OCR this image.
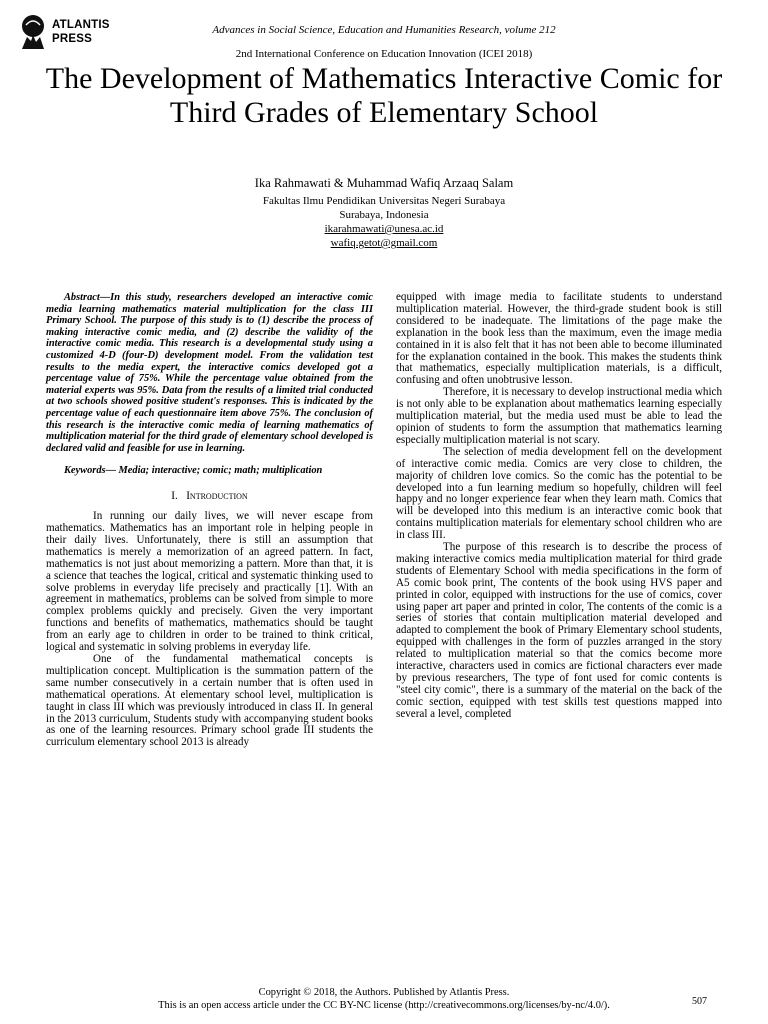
ATLANTIS
PRESS
Advances in Social Science, Education and Humanities Research, volume 212
2nd International Conference on Education Innovation (ICEI 2018)
The Development of Mathematics Interactive Comic for Third Grades of Elementary School
Ika Rahmawati & Muhammad Wafiq Arzaaq Salam
Fakultas Ilmu Pendidikan Universitas Negeri Surabaya
Surabaya, Indonesia
ikarahmawati@unesa.ac.id
wafiq.getot@gmail.com

Abstract—In this study, researchers developed an interactive comic media learning mathematics material multiplication for the class III Primary School. The purpose of this study is to (1) describe the process of making interactive comic media, and (2) describe the validity of the interactive comic media. This research is a developmental study using a customized 4-D (four-D) development model. From the validation test results to the media expert, the interactive comics developed got a percentage value of 75%. While the percentage value obtained from the material experts was 95%. Data from the results of a limited trial conducted at two schools showed positive student's responses. This is indicated by the percentage value of each questionnaire item above 75%. The conclusion of this research is the interactive comic media of learning mathematics of multiplication material for the third grade of elementary school developed is declared valid and feasible for use in learning.

Keywords— Media; interactive; comic; math; multiplication

I. Introduction

In running our daily lives, we will never escape from mathematics. Mathematics has an important role in helping people in their daily lives. Unfortunately, there is still an assumption that mathematics is merely a memorization of an agreed pattern. In fact, mathematics is not just about memorizing a pattern. More than that, it is a science that teaches the logical, critical and systematic thinking used to solve problems in everyday life precisely and practically [1]. With an agreement in mathematics, problems can be solved from simple to more complex problems quickly and precisely. Given the very important functions and benefits of mathematics, mathematics should be taught from an early age to children in order to be trained to think critical, logical and systematic in solving problems in everyday life.

One of the fundamental mathematical concepts is multiplication concept. Multiplication is the summation pattern of the same number consecutively in a certain number that is often used in mathematical operations. At elementary school level, multiplication is taught in class III which was previously introduced in class II. In general in the 2013 curriculum, Students study with accompanying student books as one of the learning resources. Primary school grade III students the curriculum elementary school 2013 is already

equipped with image media to facilitate students to understand multiplication material. However, the third-grade student book is still considered to be inadequate. The limitations of the page make the explanation in the book less than the maximum, even the image media contained in it is also felt that it has not been able to become illuminated for the explanation contained in the book. This makes the students think that mathematics, especially multiplication materials, is a difficult, confusing and often unobtrusive lesson.

Therefore, it is necessary to develop instructional media which is not only able to be explanation about mathematics learning especially multiplication material, but the media used must be able to lead the opinion of students to form the assumption that mathematics learning especially multiplication material is not scary.

The selection of media development fell on the development of interactive comic media. Comics are very close to children, the majority of children love comics. So the comic has the potential to be developed into a fun learning medium so hopefully, children will feel happy and no longer experience fear when they learn math. Comics that will be developed into this medium is an interactive comic book that contains multiplication materials for elementary school children who are in class III.

The purpose of this research is to describe the process of making interactive comics media multiplication material for third grade students of Elementary School with media specifications in the form of A5 comic book print, The contents of the book using HVS paper and printed in color, equipped with instructions for the use of comics, cover using paper art paper and printed in color, The contents of the comic is a series of stories that contain multiplication material developed and adapted to complement the book of Primary Elementary school students, equipped with challenges in the form of puzzles arranged in the story related to multiplication material so that the comics become more interactive, characters used in comics are fictional characters ever made by previous researchers, The type of font used for comic contents is "steel city comic", there is a summary of the material on the back of the comic section, equipped with test skills test questions mapped into several a level, completed

Copyright © 2018, the Authors. Published by Atlantis Press.
This is an open access article under the CC BY-NC license (http://creativecommons.org/licenses/by-nc/4.0/).	507
